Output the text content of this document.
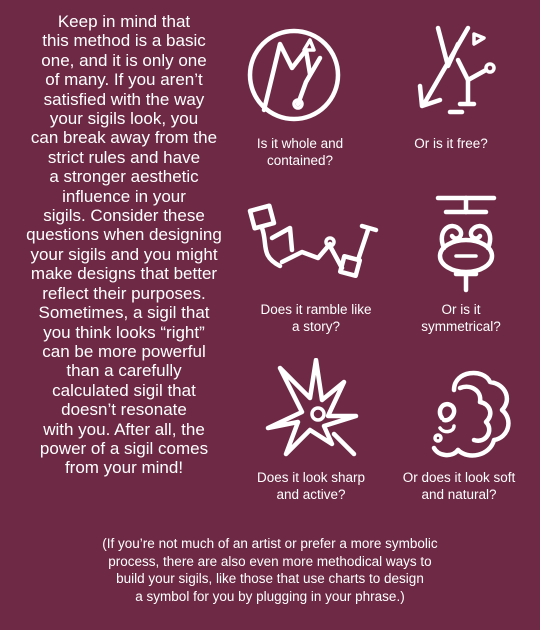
Keep in mind that
this method is a basic
one, and it is only one
of many. If you aren’t
satisfied with the way
your sigils look, you
can break away from the
strict rules and have
a stronger aesthetic
influence in your
sigils. Consider these
questions when designing
your sigils and you might
make designs that better
reflect their purposes.
Sometimes, a sigil that
you think looks “right”
can be more powerful
than a carefully
calculated sigil that
doesn’t resonate
with you. After all, the
power of a sigil comes
from your mind!

Is it whole and
contained?
Or is it free?
Does it ramble like
a story?
Or is it
symmetrical?
Does it look sharp
and active?
Or does it look soft
and natural?
(If you’re not much of an artist or prefer a more symbolic
process, there are also even more methodical ways to
build your sigils, like those that use charts to design
a symbol for you by plugging in your phrase.)
